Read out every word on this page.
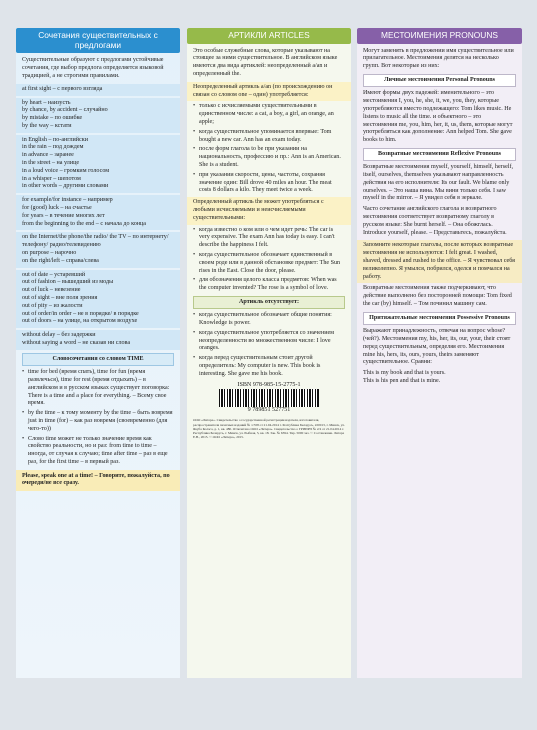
Сочетания существительных с предлогами

Существительные образуют с предлогами устойчивые сочетания, где выбор предлога определяется языковой традицией, а не строгими правилами.

at first sight – с первого взгляда
by heart – наизусть
by chance, by accident – случайно
by mistake – по ошибке
by the way – кстати
in English – по-английски
in the rain – под дождем
in advance – заранее
in the street – на улице
in a loud voice – громким голосом
in a whisper – шепотом
in other words – другими словами
for example/for instance – например
for (good) luck – на счастье
for years – в течение многих лет
from the beginning to the end – с начала до конца
on the Internet/the phone/the radio/ the TV – по интернету/телефону/ радио/телевидению
on purpose – нарочно
on the right/left – справа/слева
out of date – устаревший
out of fashion – вышедший из моды
out of luck – невезение
out of sight – вне поля зрения
out of pity – из жалости
out of order/in order – не в порядке/ в порядке
out of doors – на улице, на открытом воздухе
without delay – без задержки
without saying a word – не сказав ни слова
Словосочетания со словом TIME
• time for bed (время спать), time for fun (время развлечься), time for rest (время отдыхать) – в английском и в русском языках существует поговорка: There is a time and a place for everything. – Всему свое время.
• by the time – к тому моменту by the time – быть вовремя just in time (for) – как раз вовремя (своевременно (для чего-то))
• Слово time может не только значение время как свойство реальности, но и раз: from time to time – иногда, от случая к случаю; time after time – раз в еще раз, for the first time – в первый раз.
Please, speak one at a time! – Говорите, пожалуйста, по очереди/не все сразу.
АРТИКЛИ ARTICLES

Это особые служебные слова, которые указывают на стоящее за ними существительное. В английском языке имеются два вида артиклей: неопределенный a/an и определенный the.

Неопределенный артикль a/an (по происхождению он связан со словом one – один) употребляется:
• только с исчисляемыми существительными в единственном числе: a cat, a boy, a girl, an orange, an apple;
• когда существительное упоминается впервые: Tom bought a new car. Ann has an exam today.
• после форм глагола to be при указании на национальность, профессию и пр.: Ann is an American. She is a student.
• при указании скорости, цены, частоты, сохраняя значение один: Bill drove 40 miles an hour. The meat costs 8 dollars a kilo. They meet twice a week.
Определенный артикль the может употребляться с любыми исчисляемыми и неисчисляемыми существительными:
• когда известно о ком или о чем идет речь: The car is very expensive. The exam Ann has today is easy. I can't describe the happiness I felt.
• когда существительное обозначает единственный в своем роде или в данной обстановке предмет: The Sun rises in the East. Close the door, please.
• для обозначения целого класса предметов: When was the computer invented? The rose is a symbol of love.
Артикль отсутствует:
• когда существительное обозначает общие понятия: Knowledge is power.
• когда существительное употребляется со значением неопределенности во множественном числе: I love oranges.
• когда перед существительным стоит другой определитель: My computer is new. This book is interesting. She gave me his book.
ISBN 978-985-15-2775-1
9 789851 527751
ООО «Литера». Свидетельство о государственной регистрации издателя, изготовителя, распространителя печатных изданий № 1/358 от 21.04.2014 г. Республика Беларусь, 220013, г. Минск, ул. Якуба Коласа, д. 1, кв. 480. Отпечатано ООО «Литера». Свидетельство о ГРИИРП № 2/4 от 21.04.2014 г. Республика Беларусь, г. Минск, ул. Рыбная, 5, кв. 18. Зак. № 6394. Тир. 5000 экз. © Составление. Литера Е.В., 2015. © ООО «Литера», 2015.
МЕСТОИМЕНИЯ PRONOUNS

Могут заменять в предложении имя существительное или прилагательное. Местоимения делятся на несколько групп. Вот некоторые из них:

Личные местоимения Personal Pronouns

Имеют формы двух падежей: именительного – это местоимения I, you, he, she, it, we, you, they, которые употребляются вместо подлежащего: Tom likes music. He listens to music all the time. и объектного – это местоимения me, you, him, her, it, us, them, которые могут употребляться как дополнение: Ann helped Tom. She gave books to him.

Возвратные местоимения Reflexive Pronouns

Возвратные местоимения myself, yourself, himself, herself, itself, ourselves, themselves указывают направленность действия на его исполнителя: Its our fault. We blame only ourselves. – Это наша вина. Мы вини только себя. I saw myself in the mirror. – Я увидел себя в зеркале.

Часто сочетание английского глагола и возвратного местоимения соответствует возвратному глаголу в русском языке: She burnt herself. – Она обожглась. Introduce yourself, please. – Представьтесь, пожалуйста.

Запомните некоторые глаголы, после которых возвратные местоимения не используются: I felt great. I washed, shaved, dressed and rushed to the office. – Я чувствовал себя великолепно. Я умылся, побрился, оделся и помчался на работу.

Возвратные местоимения также подчеркивают, что действие выполнено без посторонней помощи: Tom fixed the car (by) himself. – Том починил машину сам.

Притяжательные местоимения Possessive Pronouns

Выражают принадлежность, отвечая на вопрос whose?(чей?). Местоимения my, his, her, its, our, your, their стоят перед существительным, определяя его. Местоимения mine his, hers, its, ours, yours, theirs заменяют существительное. Сравни:

This is my book and that is yours.
This is his pen and that is mine.
